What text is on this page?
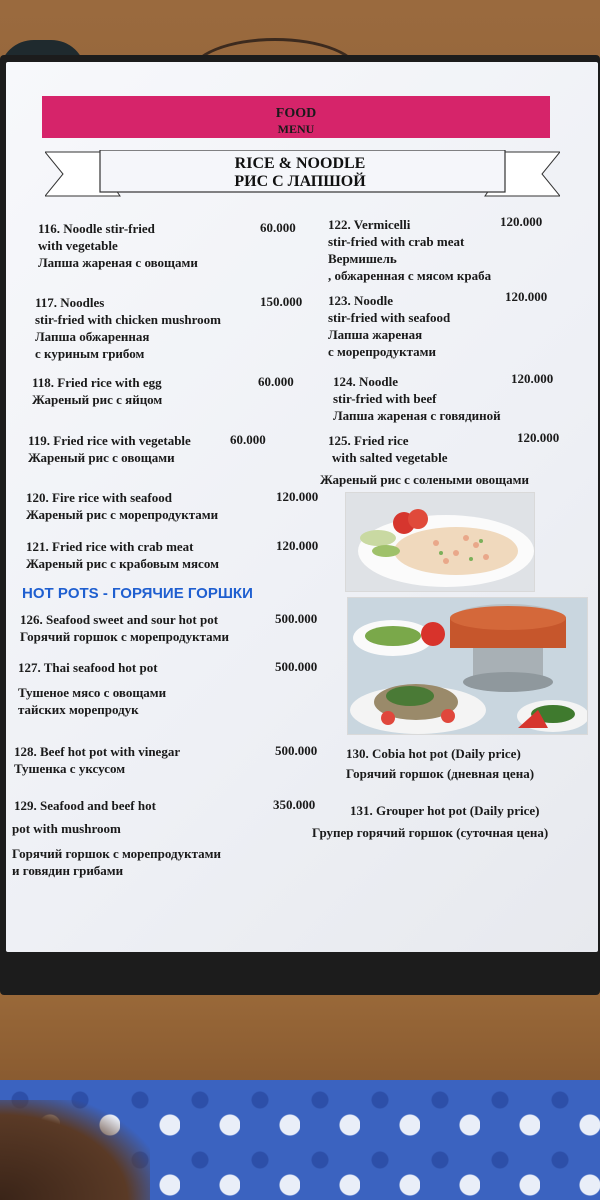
FOOD
MENU
RICE & NOODLE
РИС С ЛАПШОЙ
116. Noodle stir-fried
with vegetable
Лапша жареная с овощами
60.000
117. Noodles
stir-fried with chicken mushroom
Лапша обжаренная
с куриным грибом
150.000
118. Fried rice with egg
Жареный рис с яйцом
60.000
119. Fried rice with vegetable
Жареный рис с овощами
60.000
120. Fire rice with seafood
Жареный рис с морепродуктами
120.000
121. Fried rice with crab meat
Жареный рис с крабовым мясом
120.000
122. Vermicelli
stir-fried with crab meat
Вермишель
, обжаренная с мясом краба
120.000
123. Noodle
stir-fried with seafood
Лапша жареная
с морепродуктами
120.000
124. Noodle
stir-fried with beef
Лапша жареная с говядиной
120.000
125. Fried rice
with salted vegetable
Жареный рис с солеными овощами
120.000
HOT POTS - ГОРЯЧИЕ ГОРШКИ
126. Seafood sweet and sour hot pot
Горячий горшок с морепродуктами
500.000
127. Thai seafood hot pot
Тушеное мясо с овощами
тайских морепродук
500.000
128. Beef hot pot with vinegar
Тушенка с уксусом
500.000
129. Seafood and beef hot
pot with mushroom
Горячий горшок с морепродуктами
и говядин грибами
350.000
130. Cobia hot pot (Daily price)
Горячий горшок (дневная цена)
131. Grouper hot pot (Daily price)
Групер горячий горшок (суточная цена)
